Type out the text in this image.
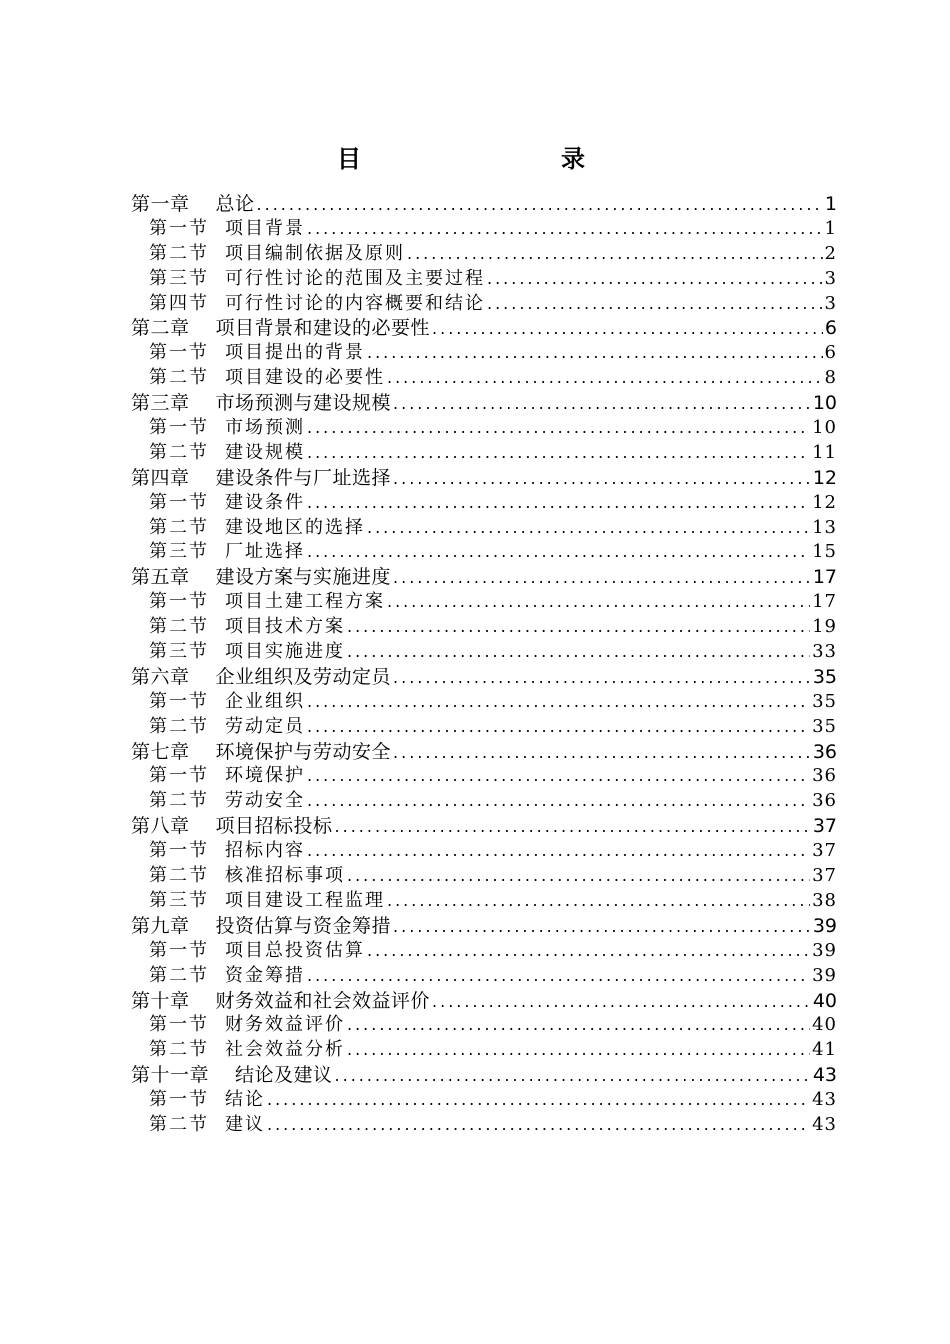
目　录
第一章 总论 .....	1
第一节 项目背景 .....	1
第二节 项目编制依据及原则 .....	2
第三节 可行性讨论的范围及主要过程 .....	3
第四节 可行性讨论的内容概要和结论 .....	3
第二章 项目背景和建设的必要性 .....	6
第一节 项目提出的背景 .....	6
第二节 项目建设的必要性 .....	8
第三章 市场预测与建设规模 .....	10
第一节 市场预测 .....	10
第二节 建设规模 .....	11
第四章 建设条件与厂址选择 .....	12
第一节 建设条件 .....	12
第二节 建设地区的选择 .....	13
第三节 厂址选择 .....	15
第五章 建设方案与实施进度 .....	17
第一节 项目土建工程方案 .....	17
第二节 项目技术方案 .....	19
第三节 项目实施进度 .....	33
第六章 企业组织及劳动定员 .....	35
第一节 企业组织 .....	35
第二节 劳动定员 .....	35
第七章 环境保护与劳动安全 .....	36
第一节 环境保护 .....	36
第二节 劳动安全 .....	36
第八章 项目招标投标 .....	37
第一节 招标内容 .....	37
第二节 核准招标事项 .....	37
第三节 项目建设工程监理 .....	38
第九章 投资估算与资金筹措 .....	39
第一节 项目总投资估算 .....	39
第二节 资金筹措 .....	39
第十章 财务效益和社会效益评价 .....	40
第一节 财务效益评价 .....	40
第二节 社会效益分析 .....	41
第十一章 结论及建议 .....	43
第一节 结论 .....	43
第二节 建议 .....	43
